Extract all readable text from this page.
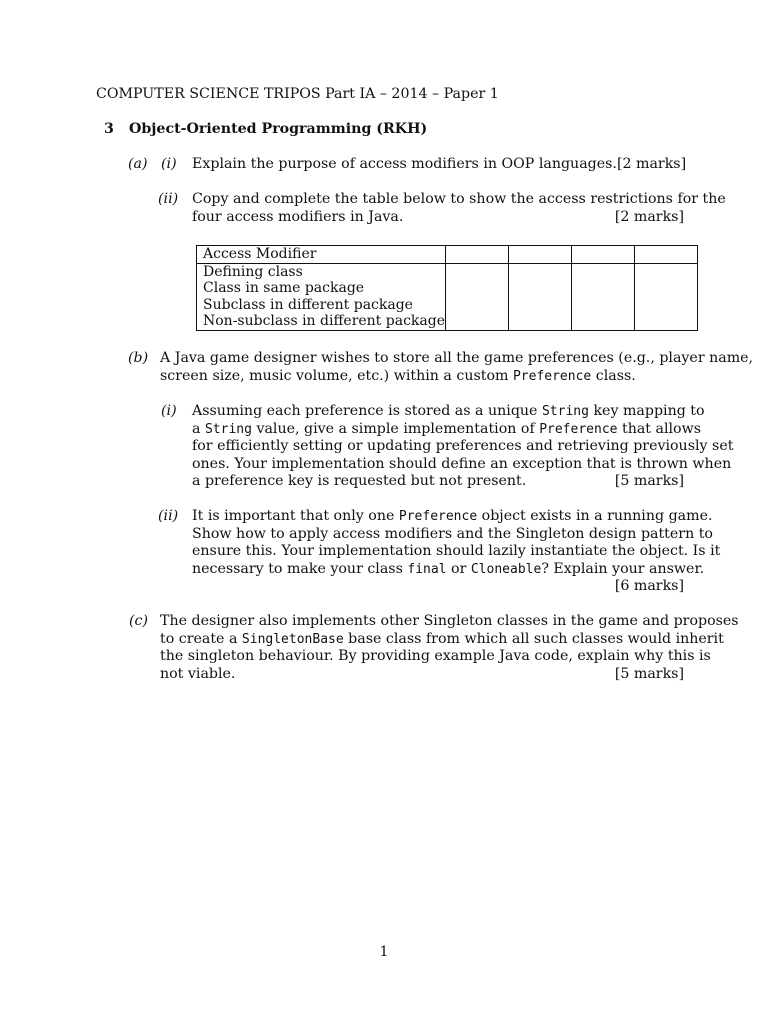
COMPUTER SCIENCE TRIPOS Part IA – 2014 – Paper 1
3 Object-Oriented Programming (RKH)
(a) (i) Explain the purpose of access modifiers in OOP languages. [2 marks]
(ii) Copy and complete the table below to show the access restrictions for the
four access modifiers in Java.	[2 marks]
Access Modifier
Defining class
Class in same package
Subclass in different package
Non-subclass in different package

(b) A Java game designer wishes to store all the game preferences (e.g., player name,
screen size, music volume, etc.) within a custom Preference class.
(i) Assuming each preference is stored as a unique String key mapping to
a String value, give a simple implementation of Preference that allows
for efficiently setting or updating preferences and retrieving previously set
ones. Your implementation should define an exception that is thrown when
a preference key is requested but not present.	[5 marks]
(ii) It is important that only one Preference object exists in a running game.
Show how to apply access modifiers and the Singleton design pattern to
ensure this. Your implementation should lazily instantiate the object. Is it
necessary to make your class final or Cloneable? Explain your answer.
[6 marks]
(c) The designer also implements other Singleton classes in the game and proposes
to create a SingletonBase base class from which all such classes would inherit
the singleton behaviour. By providing example Java code, explain why this is
not viable.	[5 marks]
1
